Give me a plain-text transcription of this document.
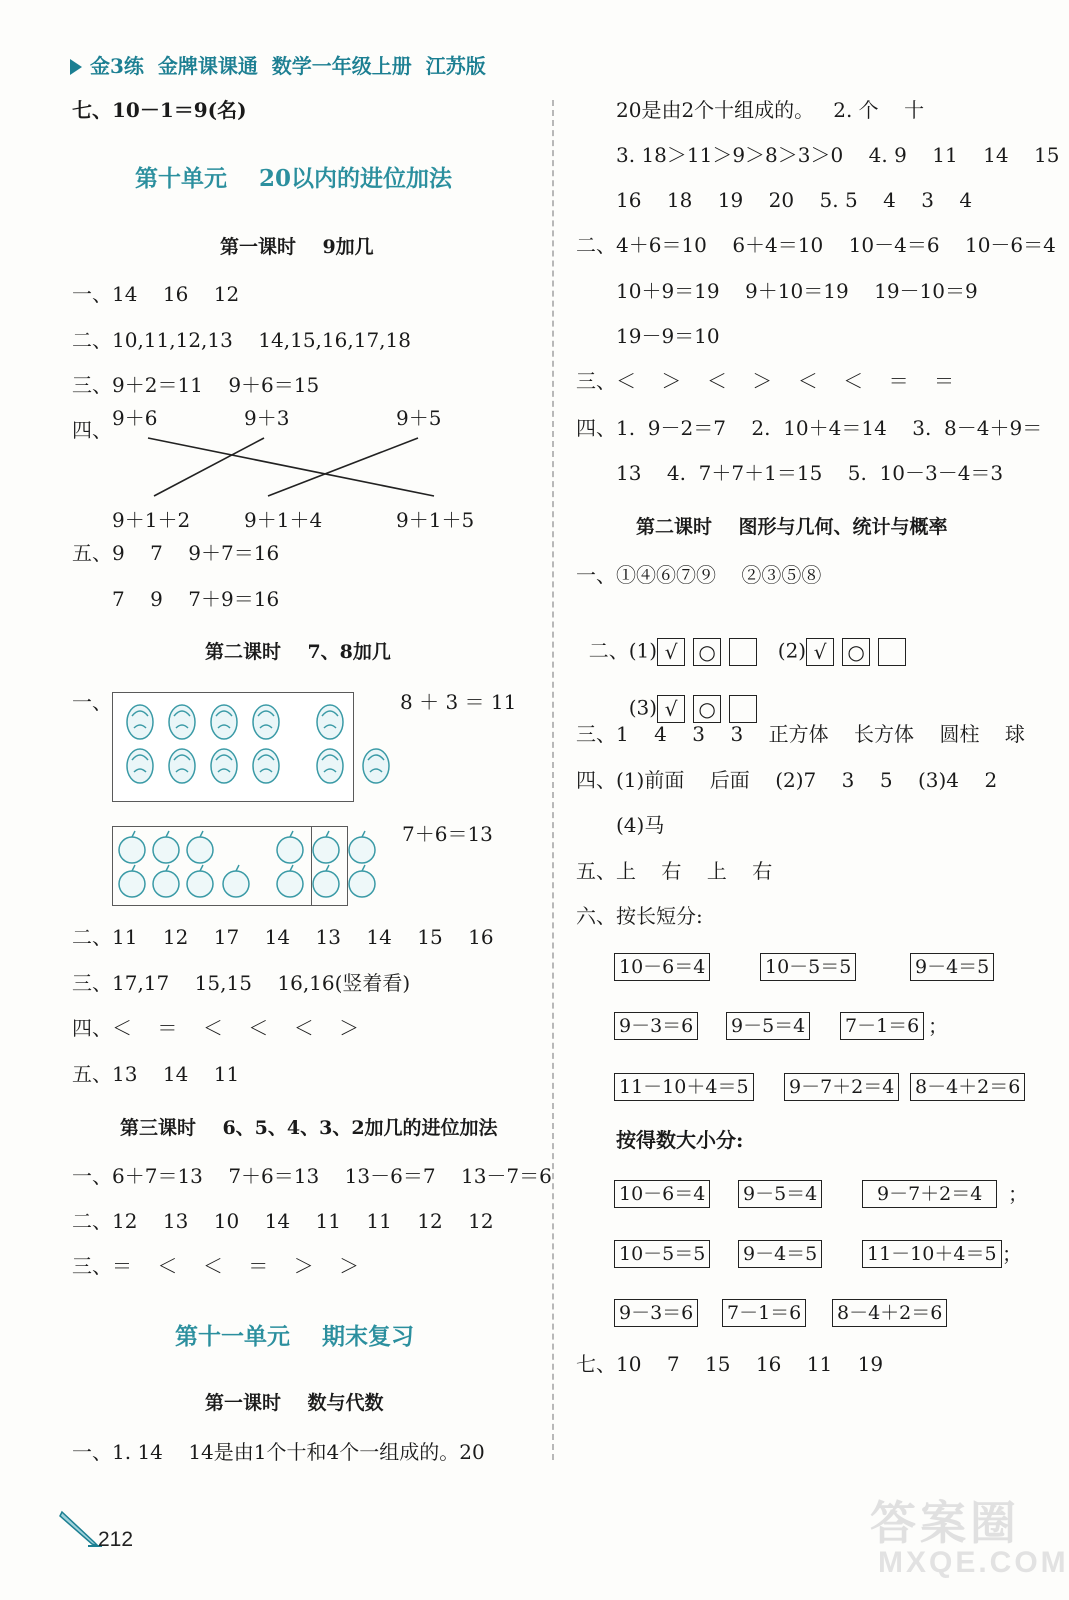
金3练  金牌课课通  数学一年级上册  江苏版
七、10－1＝9(名)
第十单元    20以内的进位加法
第一课时    9加几
一、14    16    12
二、10,11,12,13    14,15,16,17,18
三、9＋2＝11    9＋6＝15
四、 9＋6	9＋3	9＋5
9＋1＋2	9＋1＋4	9＋1＋5
五、9    7    9＋7＝16
7    9    7＋9＝16
第二课时    7、8加几
一、	8 ＋ 3 ＝ 11
7＋6＝13
二、11    12    17    14    13    14    15    16
三、17,17    15,15    16,16(竖着看)
四、＜    ＝    ＜    ＜    ＜    ＞
五、13    14    11
第三课时    6、5、4、3、2加几的进位加法
一、6＋7＝13    7＋6＝13    13－6＝7    13－7＝6
二、12    13    10    14    11    11    12    12
三、＝    ＜    ＜    ＝    ＞    ＞
第十一单元    期末复习
第一课时    数与代数
一、1. 14    14是由1个十和4个一组成的。20
20是由2个十组成的。   2. 个    十
3. 18＞11＞9＞8＞3＞0    4. 9    11    14    15
16    18    19    20    5. 5    4    3    4
二、4＋6＝10    6＋4＝10    10－4＝6    10－6＝4
10＋9＝19    9＋10＝19    19－10＝9
19－9＝10
三、＜    ＞    ＜    ＞    ＜    ＜    ＝    ＝
四、1.  9－2＝7    2.  10＋4＝14    3.  8－4＋9＝
13    4.  7＋7＋1＝15    5.  10－3－4＝3
第二课时    图形与几何、统计与概率
一、①④⑥⑦⑨    ②③⑤⑧

二、(1) √ ○	(2) √ ○

(3) √ ○

三、1    4    3    3    正方体    长方体    圆柱    球
四、(1)前面    后面    (2)7    3    5    (3)4    2
(4)马
五、上    右    上    右
六、按长短分:
10－6＝4	10－5＝5	9－4＝5
9－3＝6 9－5＝4 7－1＝6 ；
11－10＋4＝5 9－7＋2＝4 8－4＋2＝6
按得数大小分:
10－6＝4 9－5＝4	9－7＋2＝4	；
10－5＝5 9－4＝5	11－10＋4＝5 ；
9－3＝6 7－1＝6 8－4＋2＝6
七、10    7    15    16    11    19
212	答案圈
MXQE.COM
